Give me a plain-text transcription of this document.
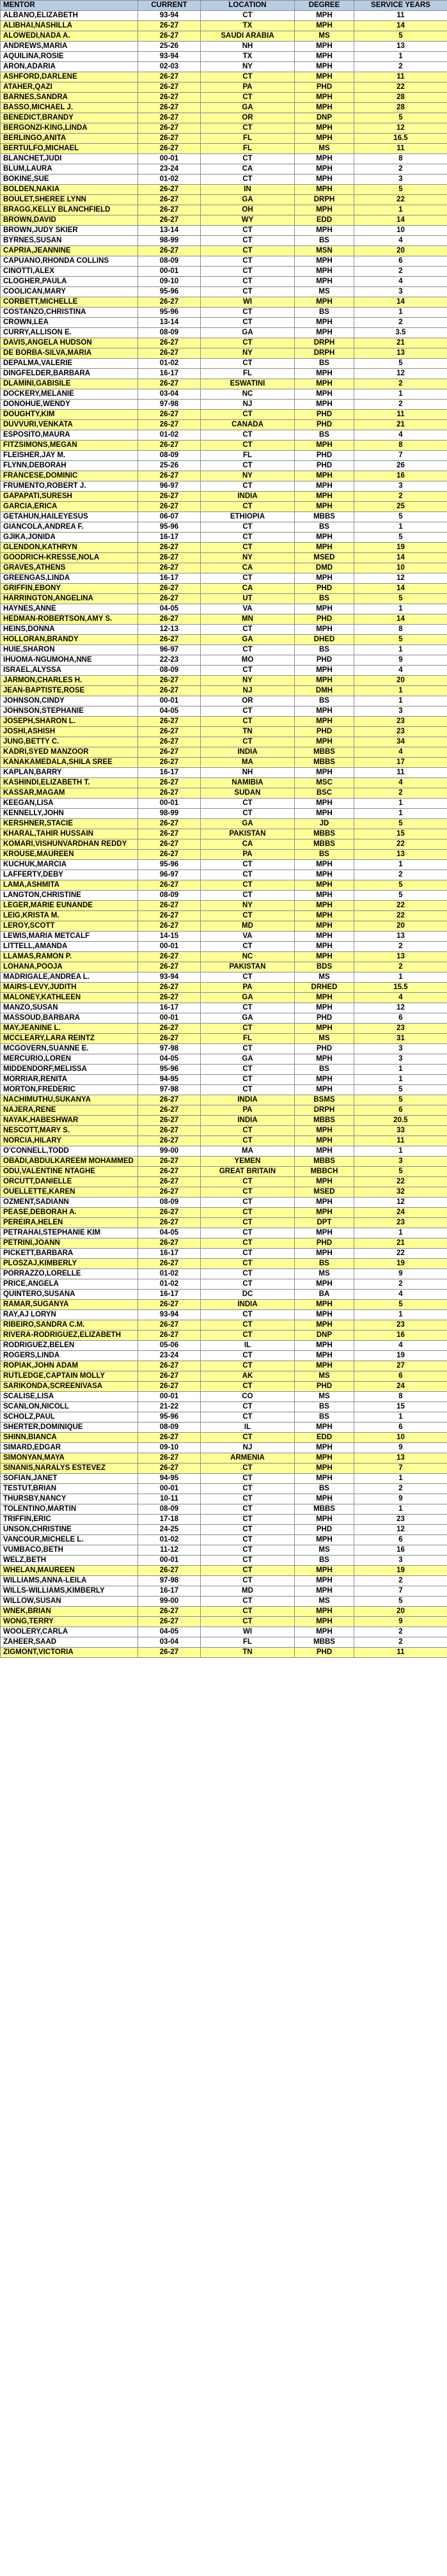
MENTOR	CURRENT	LOCATION	DEGREE	SERVICE YEARS
ALBANO,ELIZABETH	93-94	CT	MPH	11
ALIBHAI,NASHILLA	26-27	TX	MPH	14
ALOWEDI,NADA A.	26-27	SAUDI ARABIA	MS	5
ANDREWS,MARIA	25-26	NH	MPH	13
AQUILINA,ROSIE	93-94	TX	MPH	1
ARON,ADARIA	02-03	NY	MPH	2
ASHFORD,DARLENE	26-27	CT	MPH	11
ATAHER,QAZI	26-27	PA	PHD	22
BARNES,SANDRA	26-27	CT	MPH	28
BASSO,MICHAEL J.	26-27	GA	MPH	28
BENEDICT,BRANDY	26-27	OR	DNP	5
BERGONZI-KING,LINDA	26-27	CT	MPH	12
BERLINGO,ANITA	26-27	FL	MPH	16.5
BERTULFO,MICHAEL	26-27	FL	MS	11
BLANCHET,JUDI	00-01	CT	MPH	8
BLUM,LAURA	23-24	CA	MPH	2
BOKINE,SUE	01-02	CT	MPH	3
BOLDEN,NAKIA	26-27	IN	MPH	5
BOULET,SHEREE LYNN	26-27	GA	DRPH	22
BRAGG,KELLY BLANCHFIELD	26-27	OH	MPH	1
BROWN,DAVID	26-27	WY	EDD	14
BROWN,JUDY SKIER	13-14	CT	MPH	10
BYRNES,SUSAN	98-99	CT	BS	4
CAPRIA,JEANNINE	26-27	CT	MSN	20
CAPUANO,RHONDA COLLINS	08-09	CT	MPH	6
CINOTTI,ALEX	00-01	CT	MPH	2
CLOGHER,PAULA	09-10	CT	MPH	4
COOLICAN,MARY	95-96	CT	MS	3
CORBETT,MICHELLE	26-27	WI	MPH	14
COSTANZO,CHRISTINA	95-96	CT	BS	1
CROWN,LEA	13-14	CT	MPH	2
CURRY,ALLISON E.	08-09	GA	MPH	3.5
DAVIS,ANGELA HUDSON	26-27	CT	DRPH	21
DE BORBA-SILVA,MARIA	26-27	NY	DRPH	13
DEPALMA,VALERIE	01-02	CT	BS	5
DINGFELDER,BARBARA	16-17	FL	MPH	12
DLAMINI,GABISILE	26-27	ESWATINI	MPH	2
DOCKERY,MELANIE	03-04	NC	MPH	1
DONOHUE,WENDY	97-98	NJ	MPH	2
DOUGHTY,KIM	26-27	CT	PHD	11
DUVVURI,VENKATA	26-27	CANADA	PHD	21
ESPOSITO,MAURA	01-02	CT	BS	4
FITZSIMONS,MEGAN	26-27	CT	MPH	8
FLEISHER,JAY M.	08-09	FL	PHD	7
FLYNN,DEBORAH	25-26	CT	PHD	26
FRANCESE,DOMINIC	26-27	NY	MPH	16
FRUMENTO,ROBERT J.	96-97	CT	MPH	3
GAPAPATI,SURESH	26-27	INDIA	MPH	2
GARCIA,ERICA	26-27	CT	MPH	25
GETAHUN,HAILEYESUS	06-07	ETHIOPIA	MBBS	5
GIANCOLA,ANDREA F.	95-96	CT	BS	1
GJIKA,JONIDA	16-17	CT	MPH	5
GLENDON,KATHRYN	26-27	CT	MPH	19
GOODRICH-KRESSE,NOLA	26-27	NY	MSED	14
GRAVES,ATHENS	26-27	CA	DMD	10
GREENGAS,LINDA	16-17	CT	MPH	12
GRIFFIN,EBONY	26-27	CA	PHD	14
HARRINGTON,ANGELINA	26-27	UT	BS	5
HAYNES,ANNE	04-05	VA	MPH	1
HEDMAN-ROBERTSON,AMY S.	26-27	MN	PHD	14
HEINS,DONNA	12-13	CT	MPH	8
HOLLORAN,BRANDY	26-27	GA	DHED	5
HUIE,SHARON	96-97	CT	BS	1
IHUOMA-NGUMOHA,NNE	22-23	MO	PHD	9
ISRAEL,ALYSSA	08-09	CT	MPH	4
JARMON,CHARLES H.	26-27	NY	MPH	20
JEAN-BAPTISTE,ROSE	26-27	NJ	DMH	1
JOHNSON,CINDY	00-01	OR	BS	1
JOHNSON,STEPHANIE	04-05	CT	MPH	3
JOSEPH,SHARON L.	26-27	CT	MPH	23
JOSHI,ASHISH	26-27	TN	PHD	23
JUNG,BETTY C.	26-27	CT	MPH	34
KADRI,SYED MANZOOR	26-27	INDIA	MBBS	4
KANAKAMEDALA,SHILA SREE	26-27	MA	MBBS	17
KAPLAN,BARRY	16-17	NH	MPH	11
KASHINDI,ELIZABETH T.	26-27	NAMIBIA	MSC	4
KASSAR,MAGAM	26-27	SUDAN	BSC	2
KEEGAN,LISA	00-01	CT	MPH	1
KENNELLY,JOHN	98-99	CT	MPH	1
KERSHNER,STACIE	26-27	GA	JD	5
KHARAL,TAHIR HUSSAIN	26-27	PAKISTAN	MBBS	15
KOMARI,VISHUNVARDHAN REDDY	26-27	CA	MBBS	22
KROUSE,MAUREEN	26-27	PA	BS	13
KUCHUK,MARCIA	95-96	CT	MPH	1
LAFFERTY,DEBY	96-97	CT	MPH	2
LAMA,ASHMITA	26-27	CT	MPH	5
LANGTON,CHRISTINE	08-09	CT	MPH	5
LEGER,MARIE EUNANDE	26-27	NY	MPH	22
LEIG,KRISTA M.	26-27	CT	MPH	22
LEROY,SCOTT	26-27	MD	MPH	20
LEWIS,MARIA METCALF	14-15	VA	MPH	13
LITTELL,AMANDA	00-01	CT	MPH	2
LLAMAS,RAMON P.	26-27	NC	MPH	13
LOHANA,POOJA	26-27	PAKISTAN	BDS	2
MADRIGALE,ANDREA L.	93-94	CT	MS	1
MAIRS-LEVY,JUDITH	26-27	PA	DRHED	15.5
MALONEY,KATHLEEN	26-27	GA	MPH	4
MANZO,SUSAN	16-17	CT	MPH	12
MASSOUD,BARBARA	00-01	GA	PHD	6
MAY,JEANINE L.	26-27	CT	MPH	23
MCCLEARY,LARA REINTZ	26-27	FL	MS	31
MCGOVERN,SUANNE E.	97-98	CT	PHD	3
MERCURIO,LOREN	04-05	GA	MPH	3
MIDDENDORF,MELISSA	95-96	CT	BS	1
MORRIAR,RENITA	94-95	CT	MPH	1
MORTON,FREDERIC	97-98	CT	MPH	5
NACHIMUTHU,SUKANYA	26-27	INDIA	BSMS	5
NAJERA,RENE	26-27	PA	DRPH	6
NAYAK,HABESHWAR	26-27	INDIA	MBBS	20.5
NESCOTT,MARY S.	26-27	CT	MPH	33
NORCIA,HILARY	26-27	CT	MPH	11
O'CONNELL,TODD	99-00	MA	MPH	1
OBADI,ABDULKAREEM MOHAMMED	26-27	YEMEN	MBBS	3
ODU,VALENTINE NTAGHE	26-27	GREAT BRITAIN	MBBCH	5
ORCUTT,DANIELLE	26-27	CT	MPH	22
OUELLETTE,KAREN	26-27	CT	MSED	32
OZMENT,SADIANN	08-09	CT	MPH	12
PEASE,DEBORAH A.	26-27	CT	MPH	24
PEREIRA,HELEN	26-27	CT	DPT	23
PETRAHAI,STEPHANIE KIM	04-05	CT	MPH	1
PETRINI,JOANN	26-27	CT	PHD	21
PICKETT,BARBARA	16-17	CT	MPH	22
PLOSZAJ,KIMBERLY	26-27	CT	BS	19
PORRAZZO,LORELLE	01-02	CT	MS	9
PRICE,ANGELA	01-02	CT	MPH	2
QUINTERO,SUSANA	16-17	DC	BA	4
RAMAR,SUGANYA	26-27	INDIA	MPH	5
RAY,AJ LORYN	93-94	CT	MPH	1
RIBEIRO,SANDRA C.M.	26-27	CT	MPH	23
RIVERA-RODRIGUEZ,ELIZABETH	26-27	CT	DNP	16
RODRIGUEZ,BELEN	05-06	IL	MPH	4
ROGERS,LINDA	23-24	CT	MPH	19
ROPIAK,JOHN ADAM	26-27	CT	MPH	27
RUTLEDGE,CAPTAIN MOLLY	26-27	AK	MS	6
SARIKONDA,SCREENIVASA	26-27	CT	PHD	24
SCALISE,LISA	00-01	CO	MS	8
SCANLON,NICOLL	21-22	CT	BS	15
SCHOLZ,PAUL	95-96	CT	BS	1
SHERTER,DOMINIQUE	08-09	IL	MPH	6
SHINN,BIANCA	26-27	CT	EDD	10
SIMARD,EDGAR	09-10	NJ	MPH	9
SIMONYAN,MAYA	26-27	ARMENIA	MPH	13
SINANIS,NARALYS ESTEVEZ	26-27	CT	MPH	7
SOFIAN,JANET	94-95	CT	MPH	1
TESTUT,BRIAN	00-01	CT	BS	2
THURSBY,NANCY	10-11	CT	MPH	9
TOLENTINO,MARTIN	08-09	CT	MBBS	1
TRIFFIN,ERIC	17-18	CT	MPH	23
UNSON,CHRISTINE	24-25	CT	PHD	12
VANCOUR,MICHELE L.	01-02	CT	MPH	6
VUMBACO,BETH	11-12	CT	MS	16
WELZ,BETH	00-01	CT	BS	3
WHELAN,MAUREEN	26-27	CT	MPH	19
WILLIAMS,ANNA-LEILA	97-98	CT	MPH	2
WILLS-WILLIAMS,KIMBERLY	16-17	MD	MPH	7
WILLOW,SUSAN	99-00	CT	MS	5
WNEK,BRIAN	26-27	CT	MPH	20
WONG,TERRY	26-27	CT	MPH	9
WOOLERY,CARLA	04-05	WI	MPH	2
ZAHEER,SAAD	03-04	FL	MBBS	2
ZIGMONT,VICTORIA	26-27	TN	PHD	11
